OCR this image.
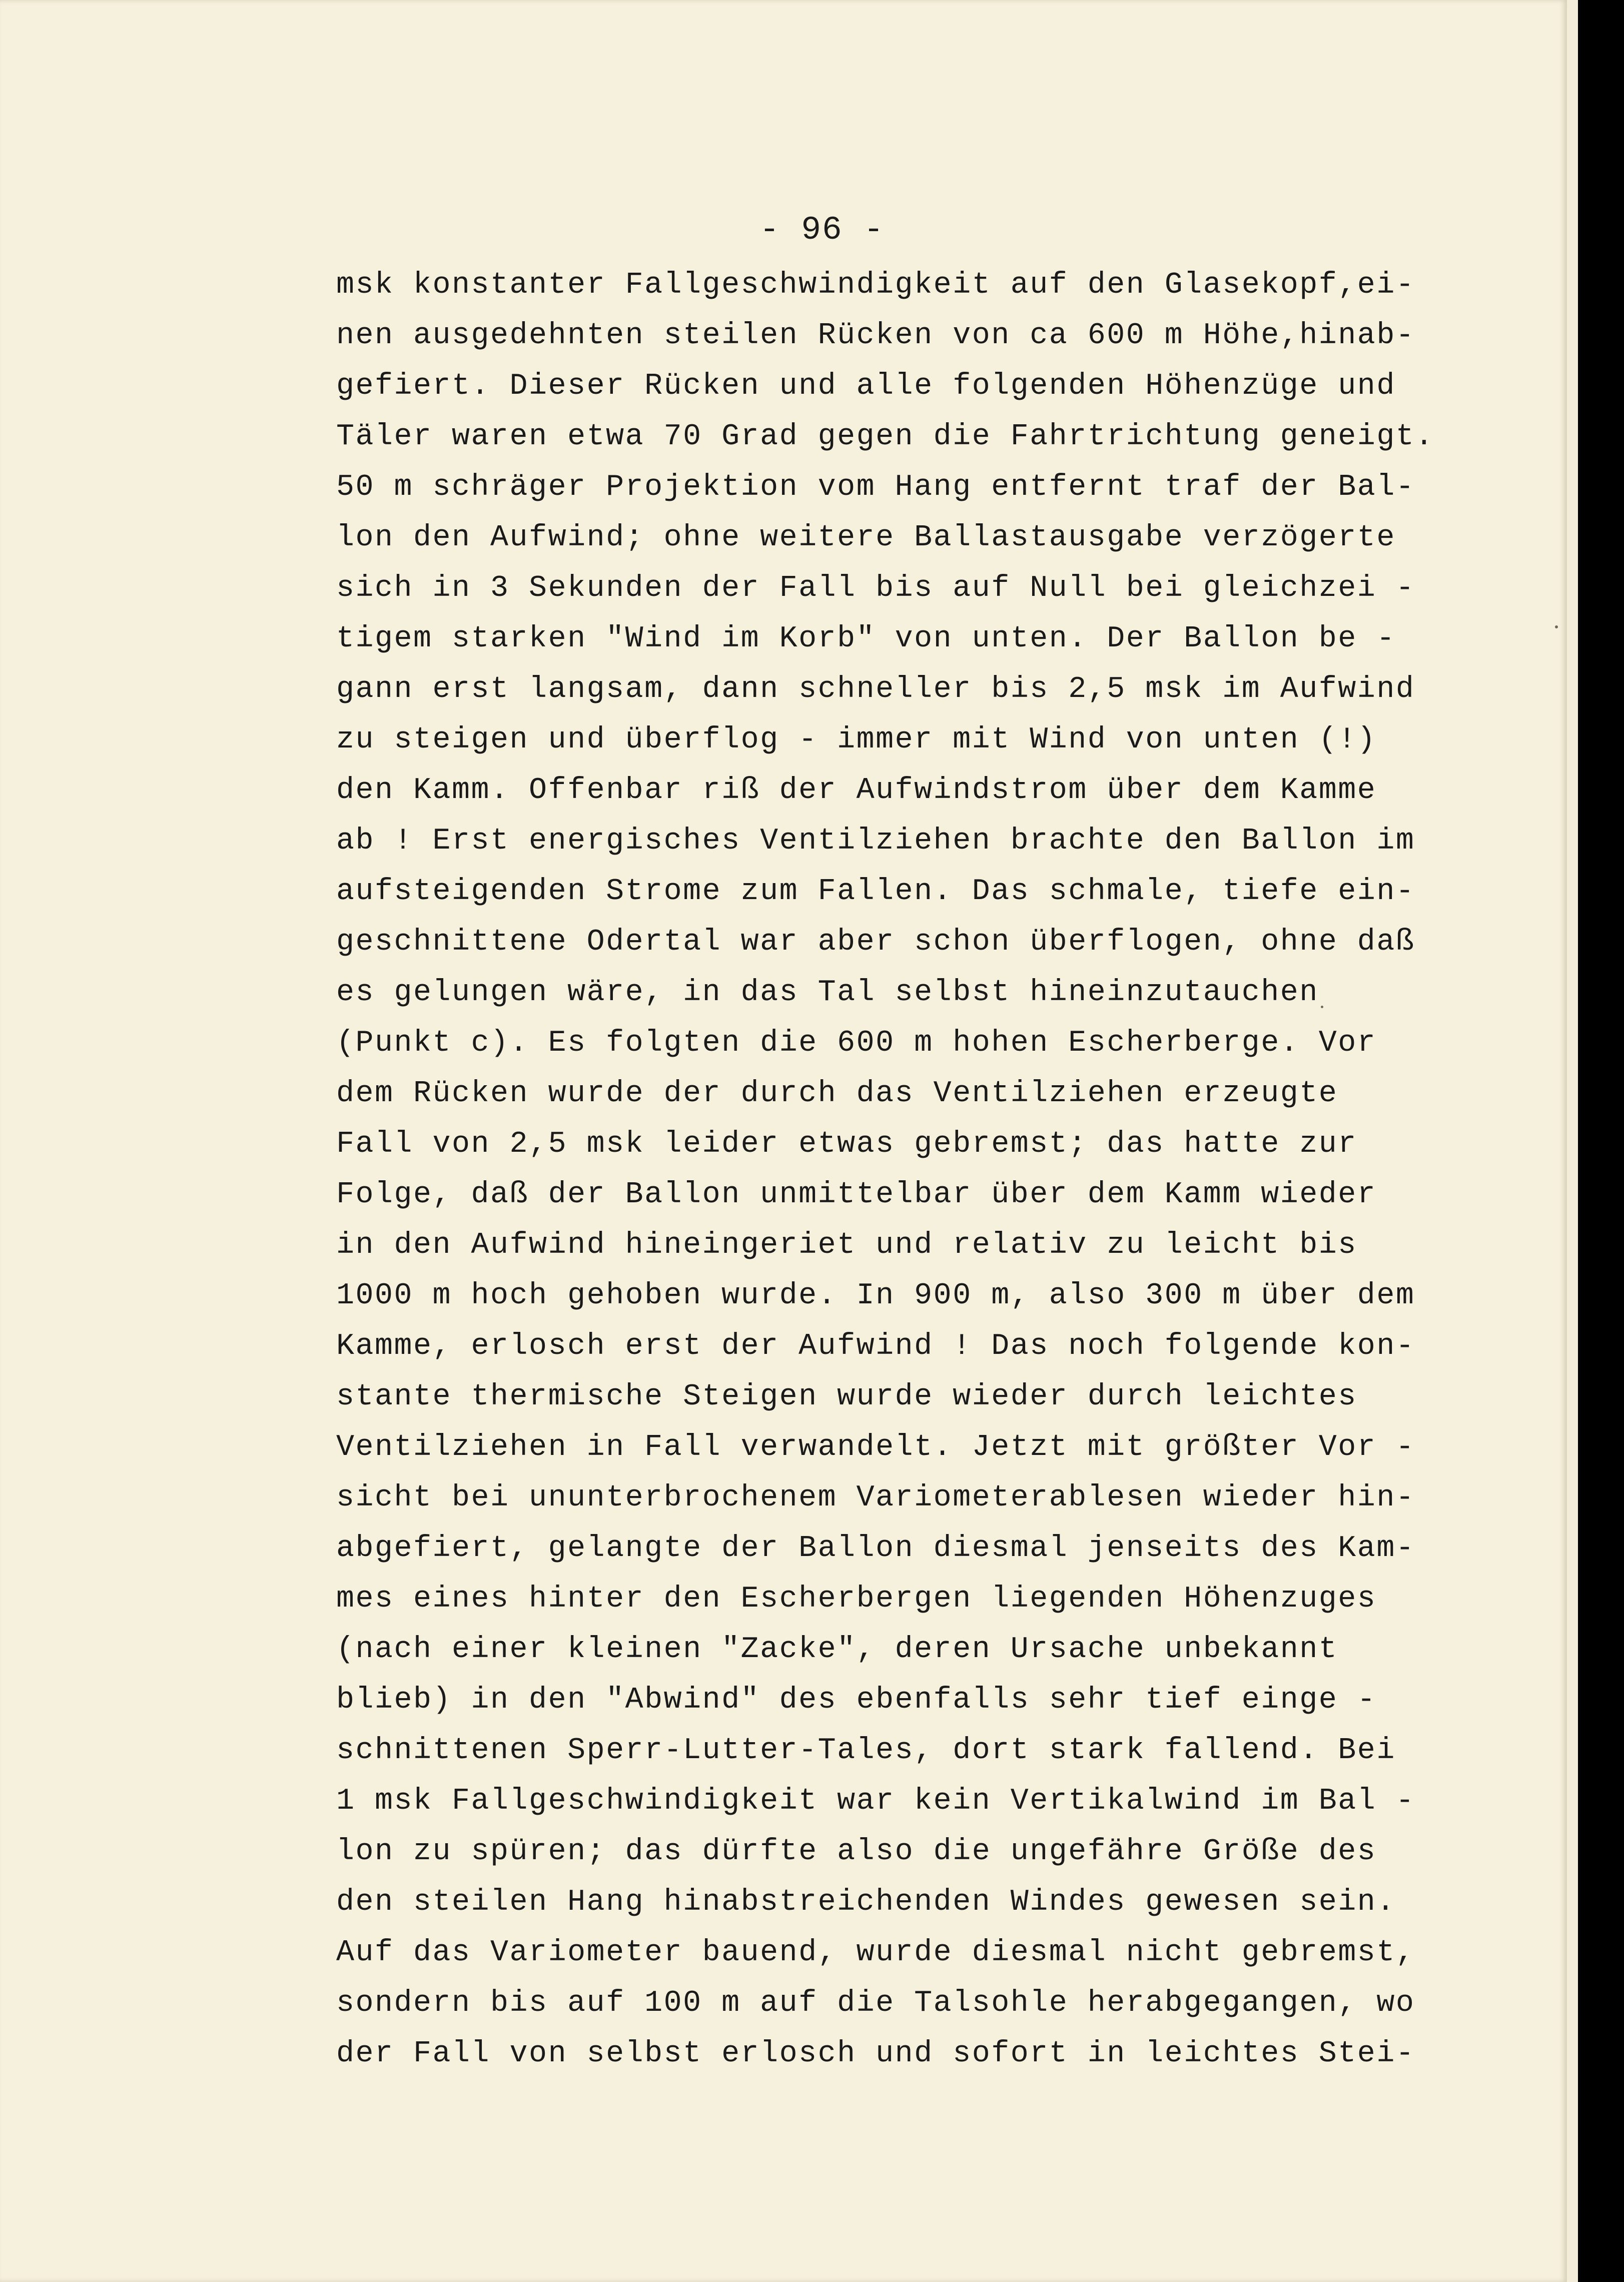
- 96 -
msk konstanter Fallgeschwindigkeit auf den Glasekopf,ei-
nen ausgedehnten steilen Rücken von ca 600 m Höhe,hinab-
gefiert. Dieser Rücken und alle folgenden Höhenzüge und
Täler waren etwa 70 Grad gegen die Fahrtrichtung geneigt.
50 m schräger Projektion vom Hang entfernt traf der Bal-
lon den Aufwind; ohne weitere Ballastausgabe verzögerte
sich in 3 Sekunden der Fall bis auf Null bei gleichzei -
tigem starken "Wind im Korb" von unten. Der Ballon be -
gann erst langsam, dann schneller bis 2,5 msk im Aufwind
zu steigen und überflog - immer mit Wind von unten (!)
den Kamm. Offenbar riß der Aufwindstrom über dem Kamme
ab ! Erst energisches Ventilziehen brachte den Ballon im
aufsteigenden Strome zum Fallen. Das schmale, tiefe ein-
geschnittene Odertal war aber schon überflogen, ohne daß
es gelungen wäre, in das Tal selbst hineinzutauchen
(Punkt c). Es folgten die 600 m hohen Escherberge. Vor
dem Rücken wurde der durch das Ventilziehen erzeugte
Fall von 2,5 msk leider etwas gebremst; das hatte zur
Folge, daß der Ballon unmittelbar über dem Kamm wieder
in den Aufwind hineingeriet und relativ zu leicht bis
1000 m hoch gehoben wurde. In 900 m, also 300 m über dem
Kamme, erlosch erst der Aufwind ! Das noch folgende kon-
stante thermische Steigen wurde wieder durch leichtes
Ventilziehen in Fall verwandelt. Jetzt mit größter Vor -
sicht bei ununterbrochenem Variometerablesen wieder hin-
abgefiert, gelangte der Ballon diesmal jenseits des Kam-
mes eines hinter den Escherbergen liegenden Höhenzuges
(nach einer kleinen "Zacke", deren Ursache unbekannt
blieb) in den "Abwind" des ebenfalls sehr tief einge -
schnittenen Sperr-Lutter-Tales, dort stark fallend. Bei
1 msk Fallgeschwindigkeit war kein Vertikalwind im Bal -
lon zu spüren; das dürfte also die ungefähre Größe des
den steilen Hang hinabstreichenden Windes gewesen sein.
Auf das Variometer bauend, wurde diesmal nicht gebremst,
sondern bis auf 100 m auf die Talsohle herabgegangen, wo
der Fall von selbst erlosch und sofort in leichtes Stei-
